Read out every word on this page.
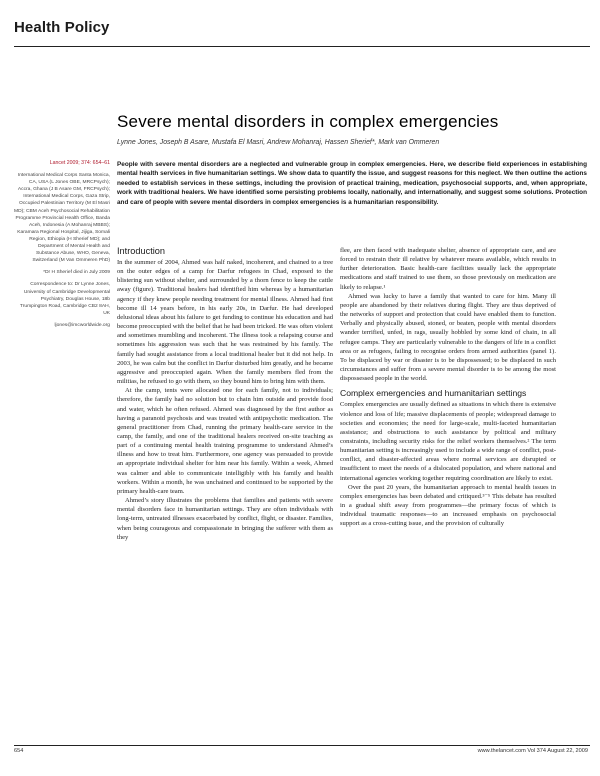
Health Policy
Severe mental disorders in complex emergencies
Lynne Jones, Joseph B Asare, Mustafa El Masri, Andrew Mohanraj, Hassen Sherief*, Mark van Ommeren

Lancet 2009; 374: 654–61

International Medical Corps Santa Monica, CA, USA (L Jones OBE, MRCPsych); Accra, Ghana (J B Asare GM, FRCPsych); International Medical Corps, Gaza Strip, Occupied Palestinian Territory (M El Masri MD); CBM Aceh Psychosocial Rehabilitation Programme Provincial Health Office, Banda Aceh, Indonesia (A Mohanraj MBBS); Karamara Regional Hospital, Jijiga, Somali Region, Ethiopia (H Sherief MD); and Department of Mental Health and Substance Abuse, WHO, Geneva, Switzerland (M Van Ommeren PhD)

*Dr H Sherief died in July 2009

Correspondence to: Dr Lynne Jones, University of Cambridge Developmental Psychiatry, Douglas House, 18b Trumpington Road, Cambridge CB2 8AH, UK

ljones@imcworldwide.org

People with severe mental disorders are a neglected and vulnerable group in complex emergencies. Here, we describe field experiences in establishing mental health services in five humanitarian settings. We show data to quantify the issue, and suggest reasons for this neglect. We then outline the actions needed to establish services in these settings, including the provision of practical training, medication, psychosocial supports, and, when appropriate, work with traditional healers. We have identified some persisting problems locally, nationally, and internationally, and suggest some solutions. Protection and care of people with severe mental disorders in complex emergencies is a humanitarian responsibility.

Introduction

In the summer of 2004, Ahmed was half naked, incoherent, and chained to a tree on the outer edges of a camp for Darfur refugees in Chad, exposed to the blistering sun without shelter, and surrounded by a thorn fence to keep the cattle away (figure). Traditional healers had identified him whereas by a humanitarian agency if they knew people needing treatment for mental illness. Ahmed had first become ill 14 years before, in his early 20s, in Darfur. He had developed delusional ideas about his failure to get funding to continue his education and had become preoccupied with the belief that he had been tricked. He was often violent and sometimes mumbling and incoherent. The illness took a relapsing course and sometimes his aggression was such that he was restrained by his family. The family had sought assistance from a local traditional healer but it did not help. In 2003, he was calm but the conflict in Darfur disturbed him greatly, and he became aggressive and preoccupied again. When the family members fled from the militias, he refused to go with them, so they bound him to bring him with them.

At the camp, tents were allocated one for each family, not to individuals; therefore, the family had no solution but to chain him outside and provide food and water, which he often refused. Ahmed was diagnosed by the first author as having a paranoid psychosis and was treated with antipsychotic medication. The general practitioner from Chad, running the primary health-care service in the camp, the family, and one of the traditional healers received on-site teaching as part of a continuing mental health training programme to understand Ahmed’s illness and how to treat him. Furthermore, one agency was persuaded to provide an appropriate individual shelter for him near his family. Within a week, Ahmed was calmer and able to communicate intelligibly with his family and health workers. Within a month, he was unchained and continued to be supported by the primary health-care team.

Ahmed’s story illustrates the problems that families and patients with severe mental disorders face in humanitarian settings. They are often individuals with long-term, untreated illnesses exacerbated by conflict, flight, or disaster. Families, when being courageous and compassionate in bringing the sufferer with them as they

flee, are then faced with inadequate shelter, absence of appropriate care, and are forced to restrain their ill relative by whatever means available, which results in further deterioration. Basic health-care facilities usually lack the appropriate medications and staff trained to use them, so those previously on medication are likely to relapse.¹

Ahmed was lucky to have a family that wanted to care for him. Many ill people are abandoned by their relatives during flight. They are thus deprived of the networks of support and protection that could have enabled them to function. Verbally and physically abused, stoned, or beaten, people with mental disorders wander terrified, unfed, in rags, usually hobbled by some kind of chain, in all refugee camps. They are particularly vulnerable to the dangers of life in a conflict area or as refugees, failing to recognise orders from armed authorities (panel 1). To be displaced by war or disaster is to be dispossessed; to be displaced in such circumstances and suffer from a severe mental disorder is to be among the most dispossessed people in the world.

Complex emergencies and humanitarian settings

Complex emergencies are usually defined as situations in which there is extensive violence and loss of life; massive displacements of people; widespread damage to societies and economies; the need for large-scale, multi-faceted humanitarian assistance; and obstructions to such assistance by political and military constraints, including security risks for the relief workers themselves.² The term humanitarian setting is increasingly used to include a wide range of conflict, post-conflict, and disaster-affected areas where normal services are disrupted or insufficient to meet the needs of a dislocated population, and where national and international agencies working together requiring coordination are likely to exist.

Over the past 20 years, the humanitarian approach to mental health issues in complex emergencies has been debated and critiqued.³⁻⁵ This debate has resulted in a gradual shift away from programmes—the primary focus of which is individual traumatic responses—to an increased emphasis on psychosocial support as a cross-cutting issue, and the provision of culturally

654	www.thelancet.com Vol 374 August 22, 2009
